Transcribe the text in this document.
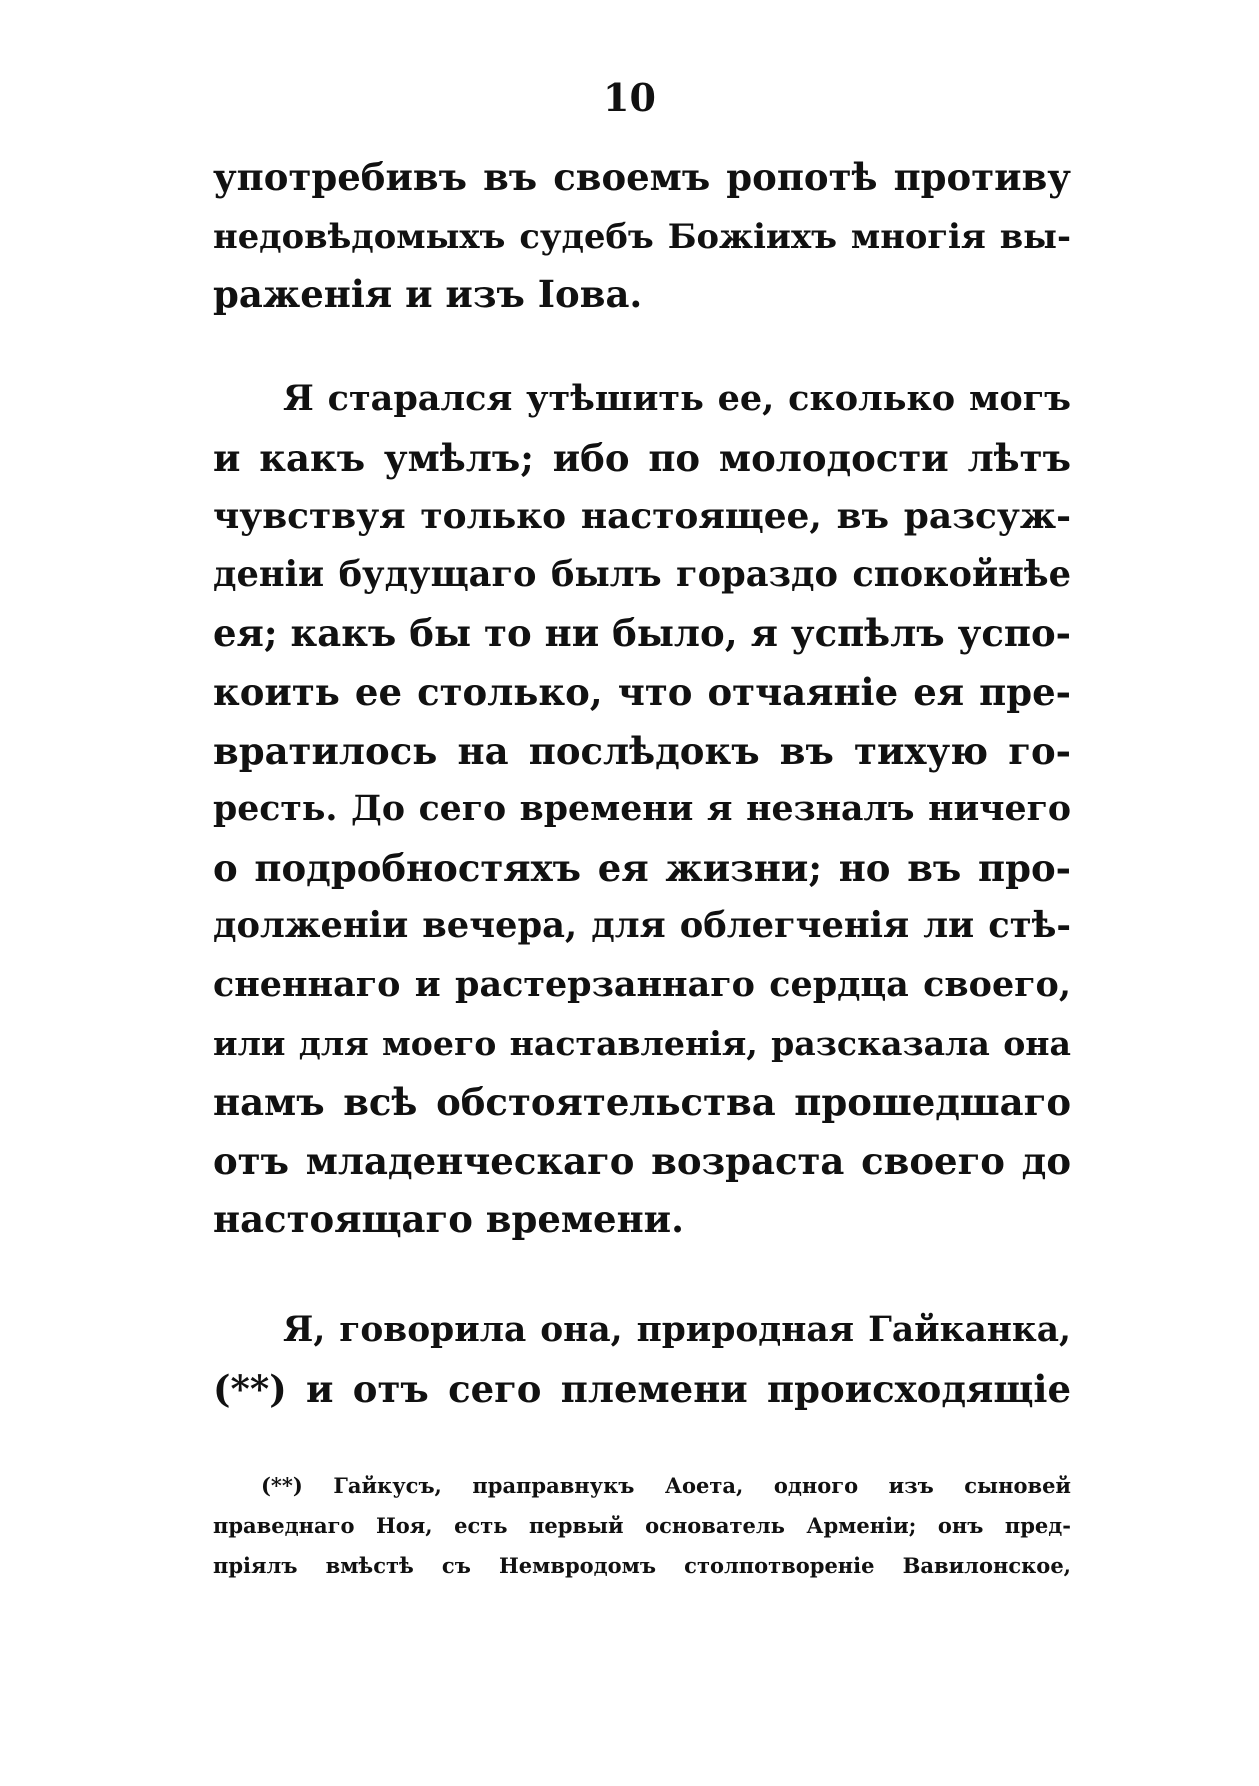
10
употребивъ въ своемъ ропотѣ противу
недовѣдомыхъ судебъ Божіихъ многія вы-
раженія и изъ Іова.
Я старался утѣшить ее, сколько могъ
и какъ умѣлъ; ибо по молодости лѣтъ
чувствуя только настоящее, въ разсуж-
деніи будущаго былъ гораздо спокойнѣе
ея; какъ бы то ни было, я успѣлъ успо-
коить ее столько, что отчаяніе ея пре-
вратилось на послѣдокъ въ тихую го-
ресть. До сего времени я незналъ ничего
о подробностяхъ ея жизни; но въ про-
долженіи вечера, для облегченія ли стѣ-
сненнаго и растерзаннаго сердца своего,
или для моего наставленія, разсказала она
намъ всѣ обстоятельства прошедшаго
отъ младенческаго возраста своего до
настоящаго времени.
Я, говорила она, природная Гайканка,
(**) и отъ сего племени происходящіе
(**) Гайкусъ, праправнукъ Аоета, одного изъ сыновей
праведнаго Ноя, есть первый основатель Арменіи; онъ пред-
пріялъ вмѣстѣ съ Немвродомъ столпотвореніе Вавилонское,
